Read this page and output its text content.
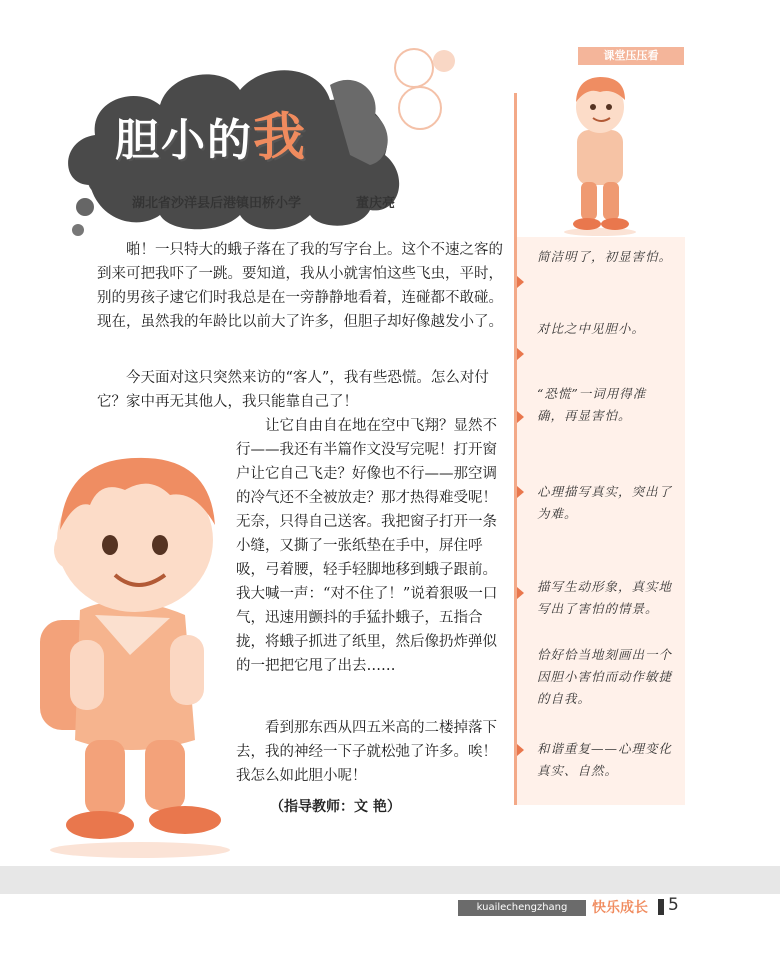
胆小的我
湖北省沙洋县后港镇田桥小学	董庆亮
课堂压压看
啪！一只特大的蛾子落在了我的写字台上。这个不速之客的到来可把我吓了一跳。要知道，我从小就害怕这些飞虫，平时，别的男孩子逮它们时我总是在一旁静静地看着，连碰都不敢碰。现在，虽然我的年龄比以前大了许多，但胆子却好像越发小了。
今天面对这只突然来访的“客人”，我有些恐慌。怎么对付它？家中再无其他人，我只能靠自己了！
让它自由自在地在空中飞翔？显然不行——我还有半篇作文没写完呢！打开窗户让它自己飞走？好像也不行——那空调的冷气还不全被放走？那才热得难受呢！无奈，只得自己送客。我把窗子打开一条小缝，又撕了一张纸垫在手中，屏住呼吸，弓着腰，轻手轻脚地移到蛾子跟前。我大喊一声：“对不住了！”说着狠吸一口气，迅速用颤抖的手猛扑蛾子，五指合拢，将蛾子抓进了纸里，然后像扔炸弹似的一把把它甩了出去……
看到那东西从四五米高的二楼掉落下去，我的神经一下子就松弛了许多。唉！我怎么如此胆小呢！
（指导教师：文 艳）
简洁明了，初显害怕。
对比之中见胆小。
“恐慌”一词用得准确，再显害怕。
心理描写真实，突出了为难。
描写生动形象，真实地写出了害怕的情景。
恰好恰当地刻画出一个因胆小害怕而动作敏捷的自我。
和谐重复——心理变化真实、自然。
kuailechengzhang	快乐成长 5
